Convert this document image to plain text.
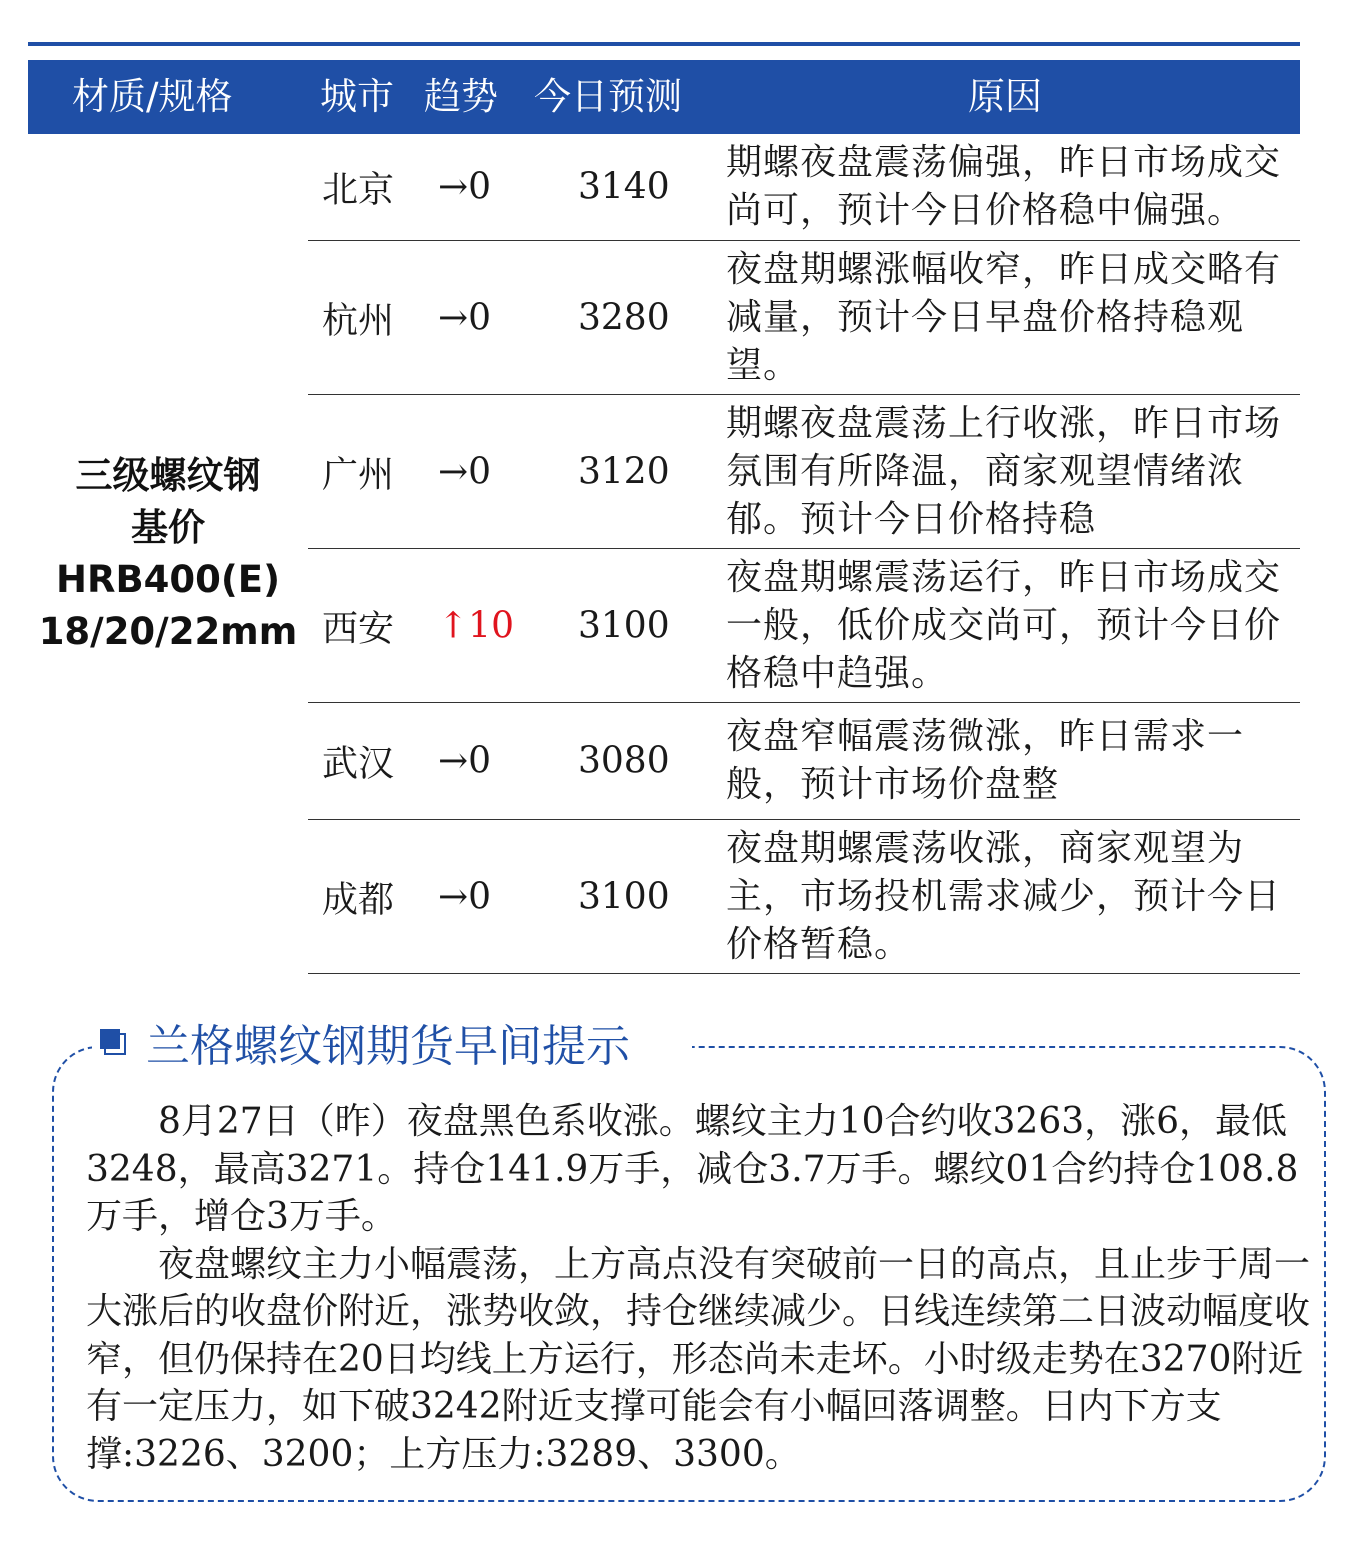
材质/规格 城市 趋势 今日预测	原因
三级螺纹钢
基价
HRB400(E)
18/20/22mm
北京 →0 3140
期螺夜盘震荡偏强，昨日市场成交尚可，预计今日价格稳中偏强。
杭州 →0 3280
夜盘期螺涨幅收窄，昨日成交略有减量，预计今日早盘价格持稳观望。
广州 →0 3120
期螺夜盘震荡上行收涨，昨日市场氛围有所降温，商家观望情绪浓郁。预计今日价格持稳
西安 ↑10 3100
夜盘期螺震荡运行，昨日市场成交一般，低价成交尚可，预计今日价格稳中趋强。
武汉 →0 3080
夜盘窄幅震荡微涨，昨日需求一般，预计市场价盘整
成都 →0 3100
夜盘期螺震荡收涨，商家观望为主，市场投机需求减少，预计今日价格暂稳。
兰格螺纹钢期货早间提示

8月27日（昨）夜盘黑色系收涨。螺纹主力10合约收3263，涨6，最低3248，最高3271。持仓141.9万手，减仓3.7万手。螺纹01合约持仓108.8万手，增仓3万手。

夜盘螺纹主力小幅震荡，上方高点没有突破前一日的高点，且止步于周一大涨后的收盘价附近，涨势收敛，持仓继续减少。日线连续第二日波动幅度收窄，但仍保持在20日均线上方运行，形态尚未走坏。小时级走势在3270附近有一定压力，如下破3242附近支撑可能会有小幅回落调整。日内下方支撑:3226、3200；上方压力:3289、3300。
